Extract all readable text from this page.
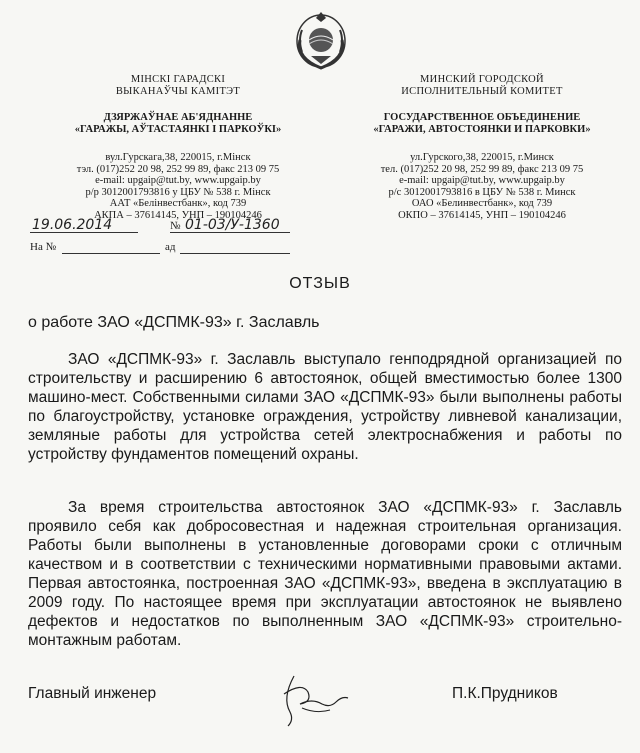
МІНСКІ ГАРАДСКІ
ВЫКАНАЎЧЫ КАМІТЭТ
ДЗЯРЖАЎНАЕ АБ'ЯДНАННЕ
«ГАРАЖЫ, АЎТАСТАЯНКІ І ПАРКОЎКІ»
вул.Гурскага,38, 220015, г.Мінск
тэл. (017)252 20 98, 252 99 89, факс 213 09 75
e-mail: upgaip@tut.by, www.upgaip.by
р/р 3012001793816 у ЦБУ № 538 г. Мінск
ААТ «Белінвестбанк», код 739
АКПА – 37614145, УНП – 190104246
МИНСКИЙ ГОРОДСКОЙ
ИСПОЛНИТЕЛЬНЫЙ КОМИТЕТ
ГОСУДАРСТВЕННОЕ ОБЪЕДИНЕНИЕ
«ГАРАЖИ, АВТОСТОЯНКИ И ПАРКОВКИ»
ул.Гурского,38, 220015, г.Минск
тел. (017)252 20 98, 252 99 89, факс 213 09 75
e-mail: upgaip@tut.by, www.upgaip.by
р/с 3012001793816 в ЦБУ № 538 г. Минск
ОАО «Белинвестбанк», код 739
ОКПО – 37614145, УНП – 190104246
19.06.2014	№ 01-03/У-1360
На №	ад
ОТЗЫВ
о работе ЗАО «ДСПМК-93» г. Заславль
ЗАО «ДСПМК-93» г. Заславль выступало генподрядной организацией по строительству и расширению 6 автостоянок, общей вместимостью более 1300 машино-мест. Собственными силами ЗАО «ДСПМК-93» были выполнены работы по благоустройству, установке ограждения, устройству ливневой канализации, земляные работы для устройства сетей электроснабжения и работы по устройству фундаментов помещений охраны.
За время строительства автостоянок ЗАО «ДСПМК-93» г. Заславль проявило себя как добросовестная и надежная строительная организация. Работы были выполнены в установленные договорами сроки с отличным качеством и в соответствии с техническими нормативными правовыми актами. Первая автостоянка, построенная ЗАО «ДСПМК-93», введена в эксплуатацию в 2009 году. По настоящее время при эксплуатации автостоянок не выявлено дефектов и недостатков по выполненным ЗАО «ДСПМК-93» строительно-монтажным работам.
Главный инженер	П.К.Прудников
